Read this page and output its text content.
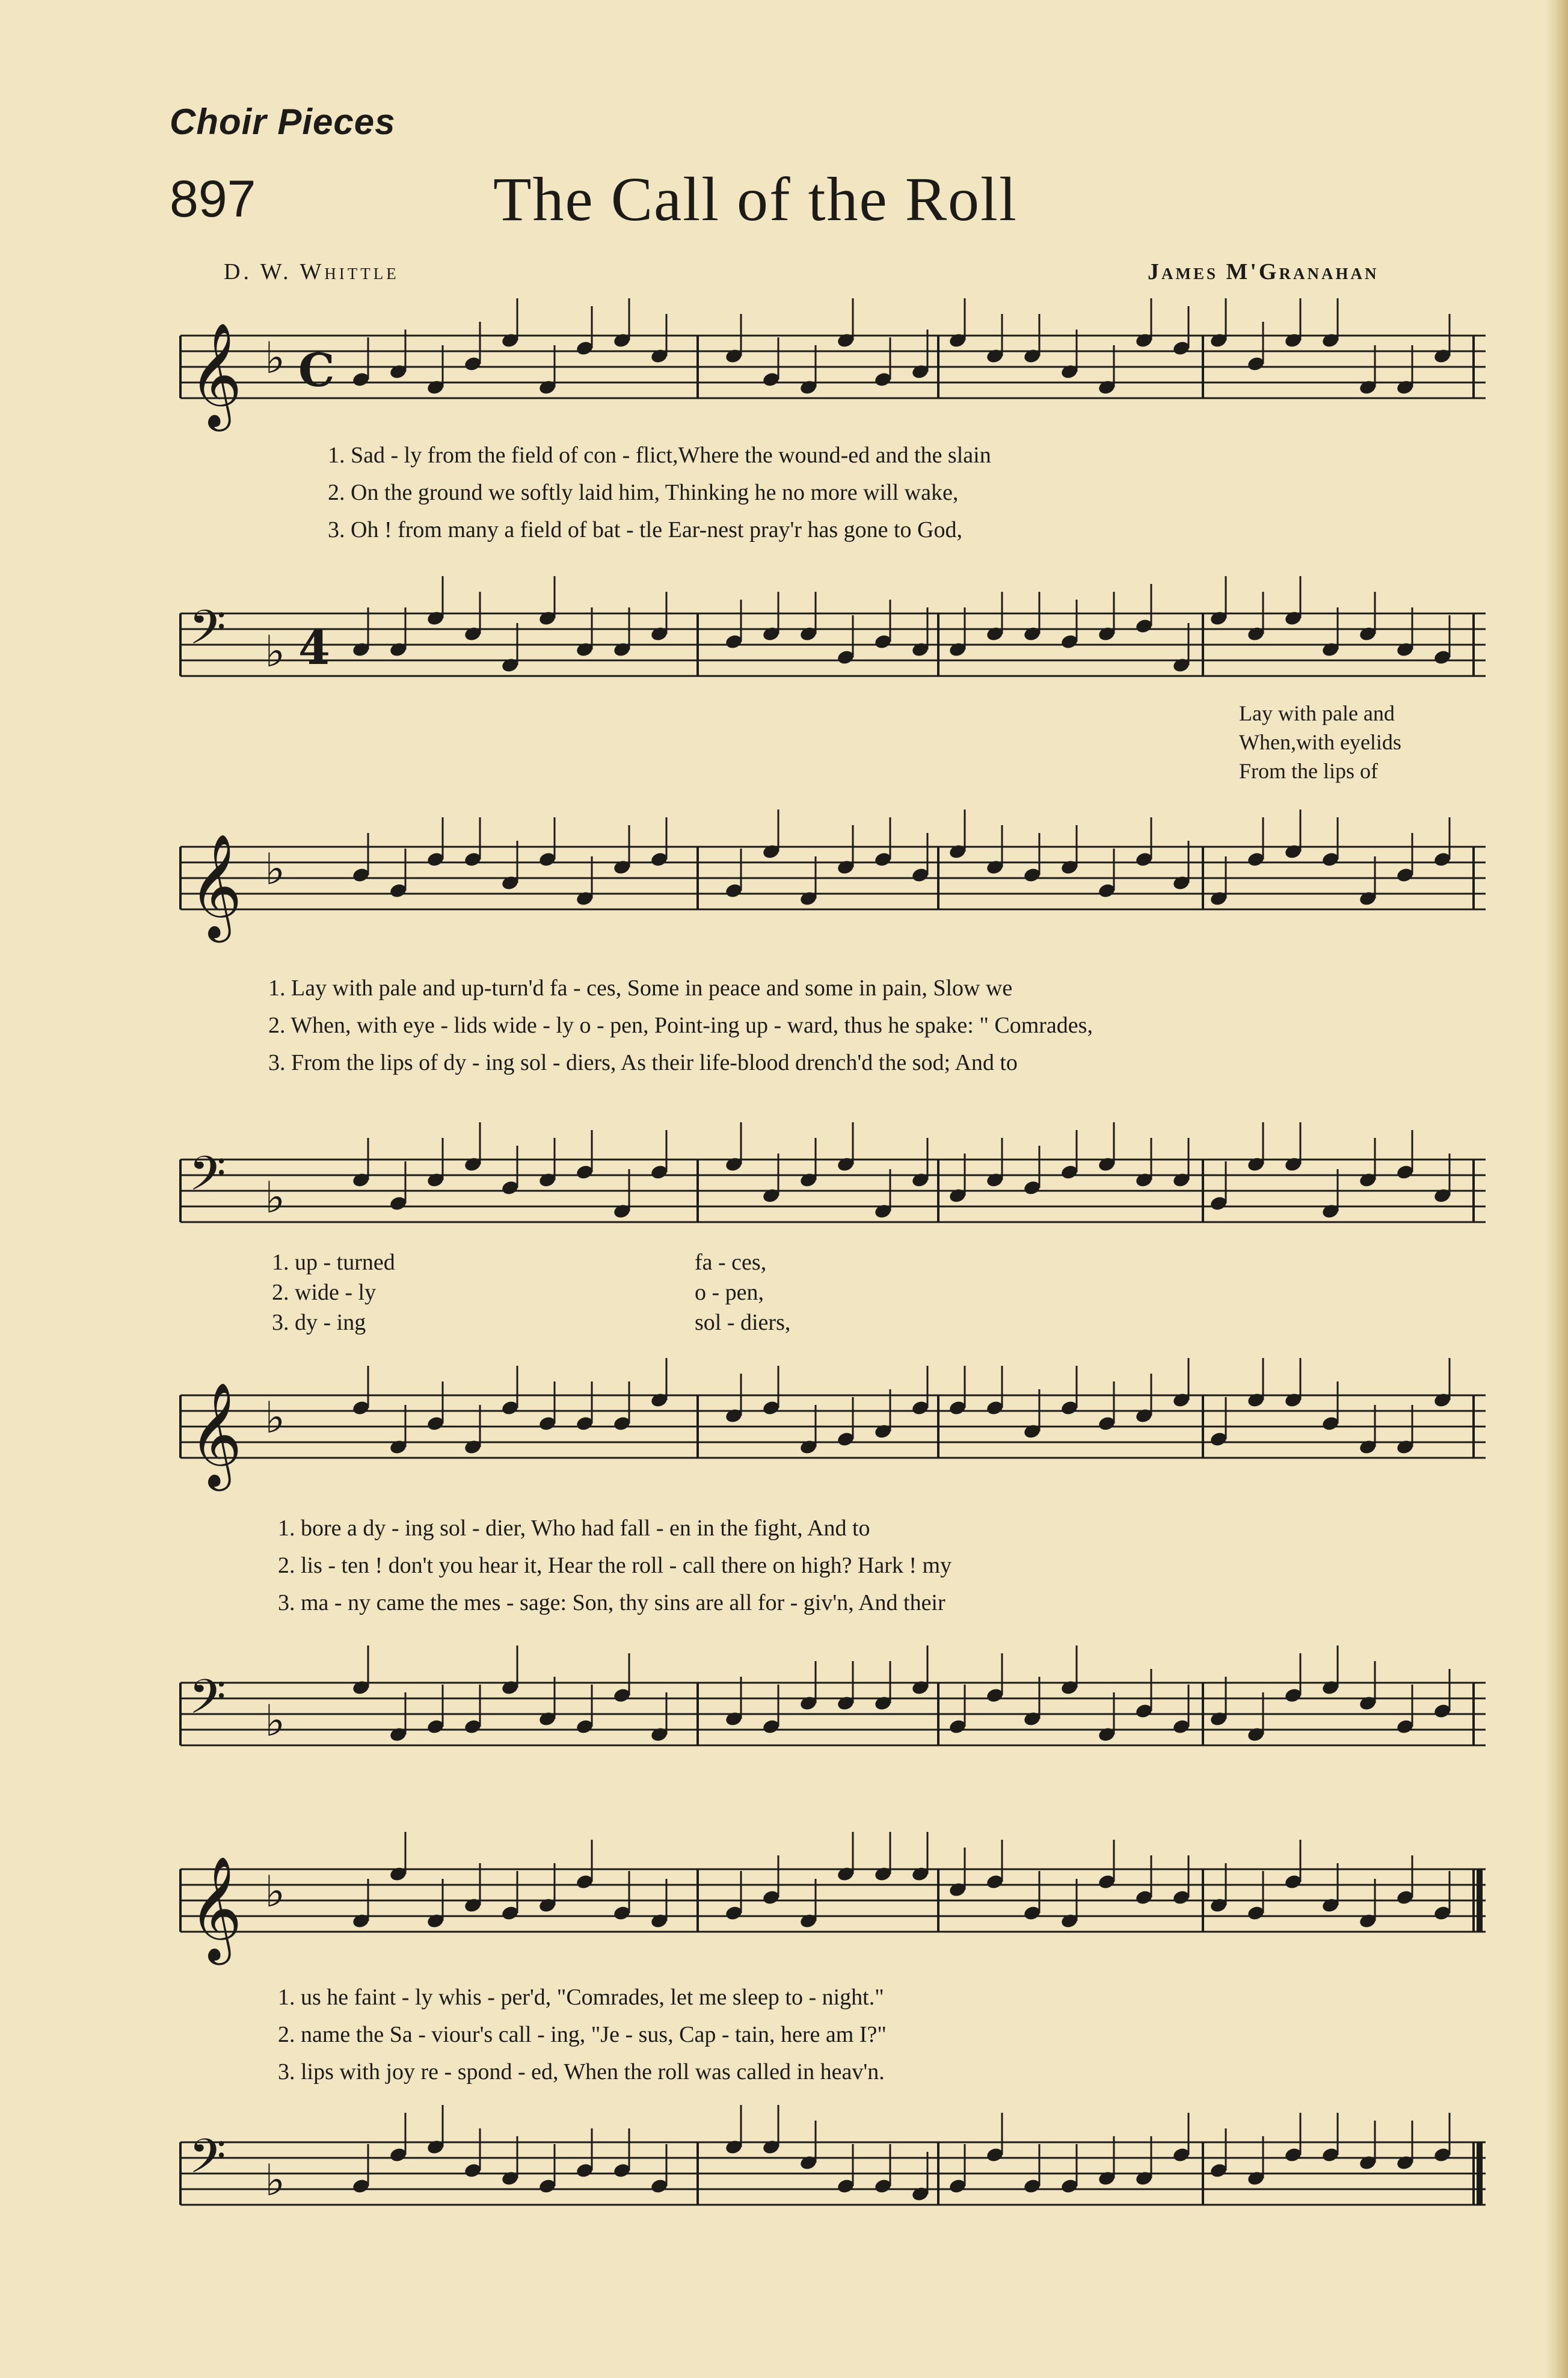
Choir Pieces
897	The Call of the Roll
D. W. Whittle	James M'Granahan
𝄞 ♭ C
1. Sad - ly from the field of con - flict,Where the wound-ed and the slain
2. On the ground we softly laid him, Thinking he no more will wake,
3. Oh ! from many a field of bat - tle Ear-nest pray'r has gone to God,
𝄢 ♭ 4
Lay with pale and
When,with eyelids
From the lips of
𝄞 ♭
1. Lay with pale and up-turn'd fa - ces, Some in peace and some in pain, Slow we
2. When, with eye - lids wide - ly o - pen, Point-ing up - ward, thus he spake: " Comrades,
3. From the lips of dy - ing sol - diers, As their life-blood drench'd the sod; And to
𝄢 ♭
1. up - turned
2. wide - ly
3. dy - ing
fa - ces,
o - pen,
sol - diers,
𝄞 ♭
1. bore a dy - ing sol - dier, Who had fall - en in the fight, And to
2. lis - ten ! don't you hear it, Hear the roll - call there on high? Hark ! my
3. ma - ny came the mes - sage: Son, thy sins are all for - giv'n, And their
𝄢 ♭
𝄞 ♭
1. us he faint - ly whis - per'd, "Comrades, let me sleep to - night."
2. name the Sa - viour's call - ing, "Je - sus, Cap - tain, here am I?"
3. lips with joy re - spond - ed, When the roll was called in heav'n.
𝄢 ♭
